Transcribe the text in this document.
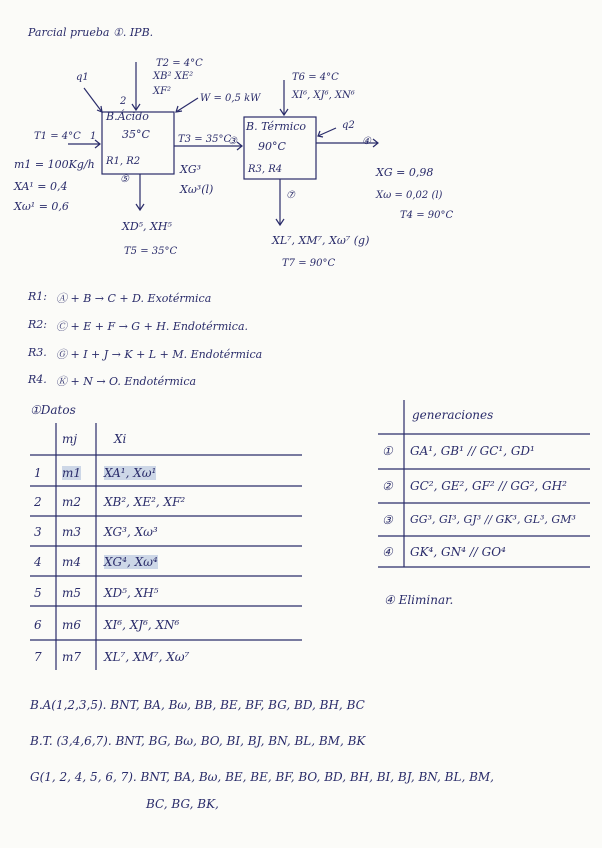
Parcial prueba ①. IPB.
q1
q2
2
T2 = 4°C
XB² XE²
XF²
W = 0,5 kW
B.Ácido
35°C
R1, R2
⑤
B. Térmico
90°C
R3, R4
⑦
T1 = 4°C 1
m1 = 100Kg/h
XA¹ = 0,4
Xω¹ = 0,6
T3 = 35°C
③
XG³
Xω³(l)
XD⁵, XH⁵
T5 = 35°C
T6 = 4°C
XI⁶, XJ⁶, XN⁶
④
XG = 0,98
Xω = 0,02 (l)
T4 = 90°C
XL⁷, XM⁷, Xω⁷ (g)
T7 = 90°C
R1: Ⓐ + B → C + D. Exotérmica
R2: Ⓒ + E + F → G + H. Endotérmica.
R3. Ⓖ + I + J → K + L + M. Endotérmica
R4. Ⓚ + N → O. Endotérmica
①Datos
mj	Xi
1 m1 XA¹, Xω¹
2 m2 XB², XE², XF²
3 m3 XG³, Xω³
4 m4 XG⁴, Xω⁴
5 m5 XD⁵, XH⁵
6 m6 XI⁶, XJ⁶, XN⁶
7 m7 XL⁷, XM⁷, Xω⁷
generaciones
① GA¹, GB¹ // GC¹, GD¹
② GC², GE², GF² // GG², GH²
③ GG³, GI³, GJ³ // GK³, GL³, GM³
④ GK⁴, GN⁴ // GO⁴
④ Eliminar.
B.A(1,2,3,5). BNT, BA, Bω, BB, BE, BF, BG, BD, BH, BC
B.T. (3,4,6,7). BNT, BG, Bω, BO, BI, BJ, BN, BL, BM, BK
G(1, 2, 4, 5, 6, 7). BNT, BA, Bω, BE, BE, BF, BO, BD, BH, BI, BJ, BN, BL, BM,
BC, BG, BK,
